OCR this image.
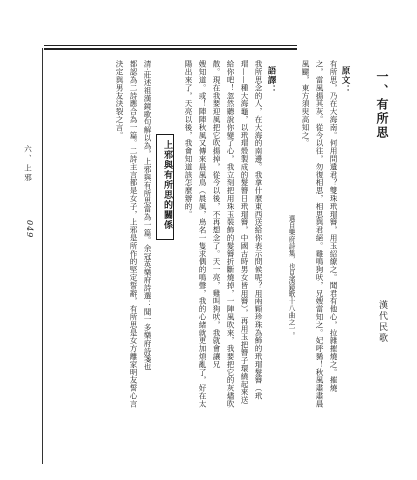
一、有所思
漢代民歌
原文：
有所思，乃在大海南。何用問遺君？雙珠玳瑁簪，用玉紹繚之。聞君有他心，拉雜摧燒之。摧燒
之，當風揚其灰。從今以往，勿復相思，相思與君絕。雞鳴狗吠，兄嫂當知之。妃呼豨！秋風肅肅晨
風颸，東方須臾高知之。
選自樂府詩集，也見漢鏡歌十八曲之一。
語譯：
我所思念的人，在大海的南邊。我拿什麼東西送給你表示問候呢？用兩顆珍珠為飾的玳瑁髮簪（玳
瑁——種大海龜，以玳瑁殼製成的髮簪日玳瑁簪，中國古時男女皆用簪），再用玉把簪子環繞起來送
給你吧！忽然聽說你變了心，我立刻把用珠玉裝飾的髮簪折斷燒掉，一陣風吹來，我要把它的灰燼吹
散。現在我要迎風把它吹揚掉，從今以後，不再想念了。天一亮，雞叫狗吠，我就會讓兄
嫂知道。或！陣陣秋風又傳來晨風鳥（晨風，鳥名一隻求偶的鳴聲，我的心緒就更加煩亂了，好在太
陽出來了，天亮以後，我會知道該怎麼辦的。
上邪與有所思的關係
清·莊述祖漢鏡歌句解以為，上邪與有所思當為一篇。余冠英樂府詩選：聞一多樂府詩箋也
都認為二詩應合為一篇。二詩主言都是女子，上邪是所作的堅定誓辭，有所思是女方離家明友誓心言
決定與男友決裂之言。
六、上邪
049
